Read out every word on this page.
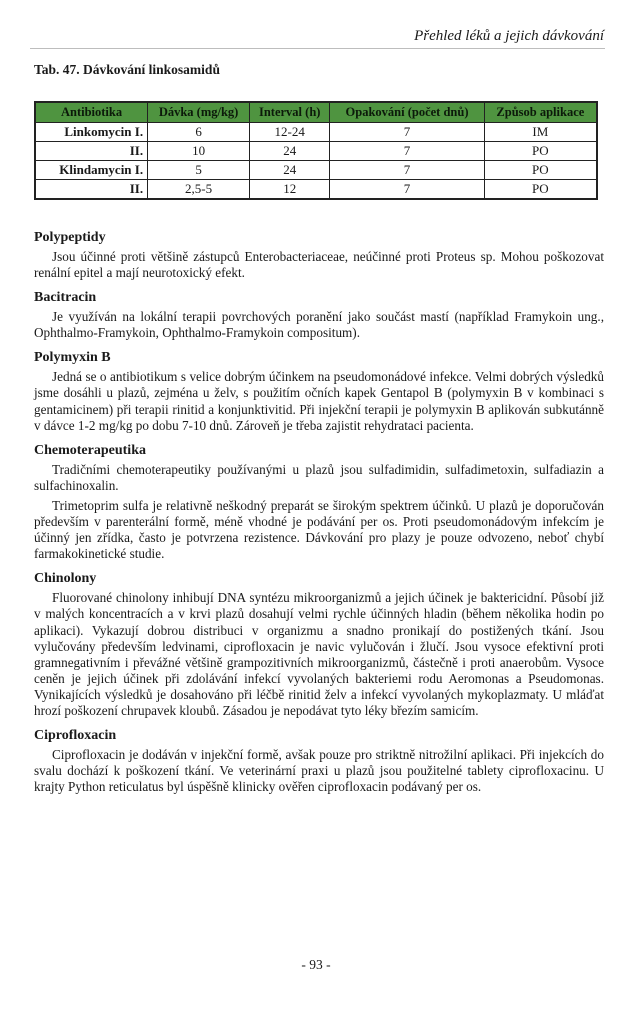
Přehled léků a jejich dávkování
Tab. 47. Dávkování linkosamidů
Antibiotika	Dávka (mg/kg)	Interval (h)	Opakování (počet dnů)	Způsob aplikace
Linkomycin I.	6	12-24	7	IM
II.	10	24	7	PO
Klindamycin I.	5	24	7	PO
II.	2,5-5	12	7	PO
Polypeptidy

Jsou účinné proti většině zástupců Enterobacteriaceae, neúčinné proti Proteus sp. Mohou poškozovat renální epitel a mají neurotoxický efekt.

Bacitracin

Je využíván na lokální terapii povrchových poranění jako součást mastí (například Framykoin ung., Ophthalmo-Framykoin, Ophthalmo-Framykoin compositum).

Polymyxin B

Jedná se o antibiotikum s velice dobrým účinkem na pseudomonádové infekce. Velmi dobrých výsledků jsme dosáhli u plazů, zejména u želv, s použitím očních kapek Gentapol B (polymyxin B v kombinaci s gentamicinem) při terapii rinitid a konjunktivitid. Při injekční terapii je polymyxin B aplikován subkutánně v dávce 1-2 mg/kg po dobu 7-10 dnů. Zároveň je třeba zajistit rehydrataci pacienta.

Chemoterapeutika

Tradičními chemoterapeutiky používanými u plazů jsou sulfadimidin, sulfadimetoxin, sulfadiazin a sulfachinoxalin.

Trimetoprim sulfa je relativně neškodný preparát se širokým spektrem účinků. U plazů je doporučován především v parenterální formě, méně vhodné je podávání per os. Proti pseudomonádovým infekcím je účinný jen zřídka, často je potvrzena rezistence. Dávkování pro plazy je pouze odvozeno, neboť chybí farmakokinetické studie.

Chinolony

Fluorované chinolony inhibují DNA syntézu mikroorganizmů a jejich účinek je baktericidní. Působí již v malých koncentracích a v krvi plazů dosahují velmi rychle účinných hladin (během několika hodin po aplikaci). Vykazují dobrou distribuci v organizmu a snadno pronikají do postižených tkání. Jsou vylučovány především ledvinami, ciprofloxacin je navic vylučován i žlučí. Jsou vysoce efektivní proti gramnegativním i převážné většině grampozitivních mikroorganizmů, částečně i proti anaerobům. Vysoce ceněn je jejich účinek při zdolávání infekcí vyvolaných bakteriemi rodu Aeromonas a Pseudomonas. Vynikajících výsledků je dosahováno při léčbě rinitid želv a infekcí vyvolaných mykoplazmaty. U mláďat hrozí poškození chrupavek kloubů. Zásadou je nepodávat tyto léky březím samicím.

Ciprofloxacin

Ciprofloxacin je dodáván v injekční formě, avšak pouze pro striktně nitrožilní aplikaci. Při injekcích do svalu dochází k poškození tkání. Ve veterinární praxi u plazů jsou použitelné tablety ciprofloxacinu. U krajty Python reticulatus byl úspěšně klinicky ověřen ciprofloxacin podávaný per os.

- 93 -
